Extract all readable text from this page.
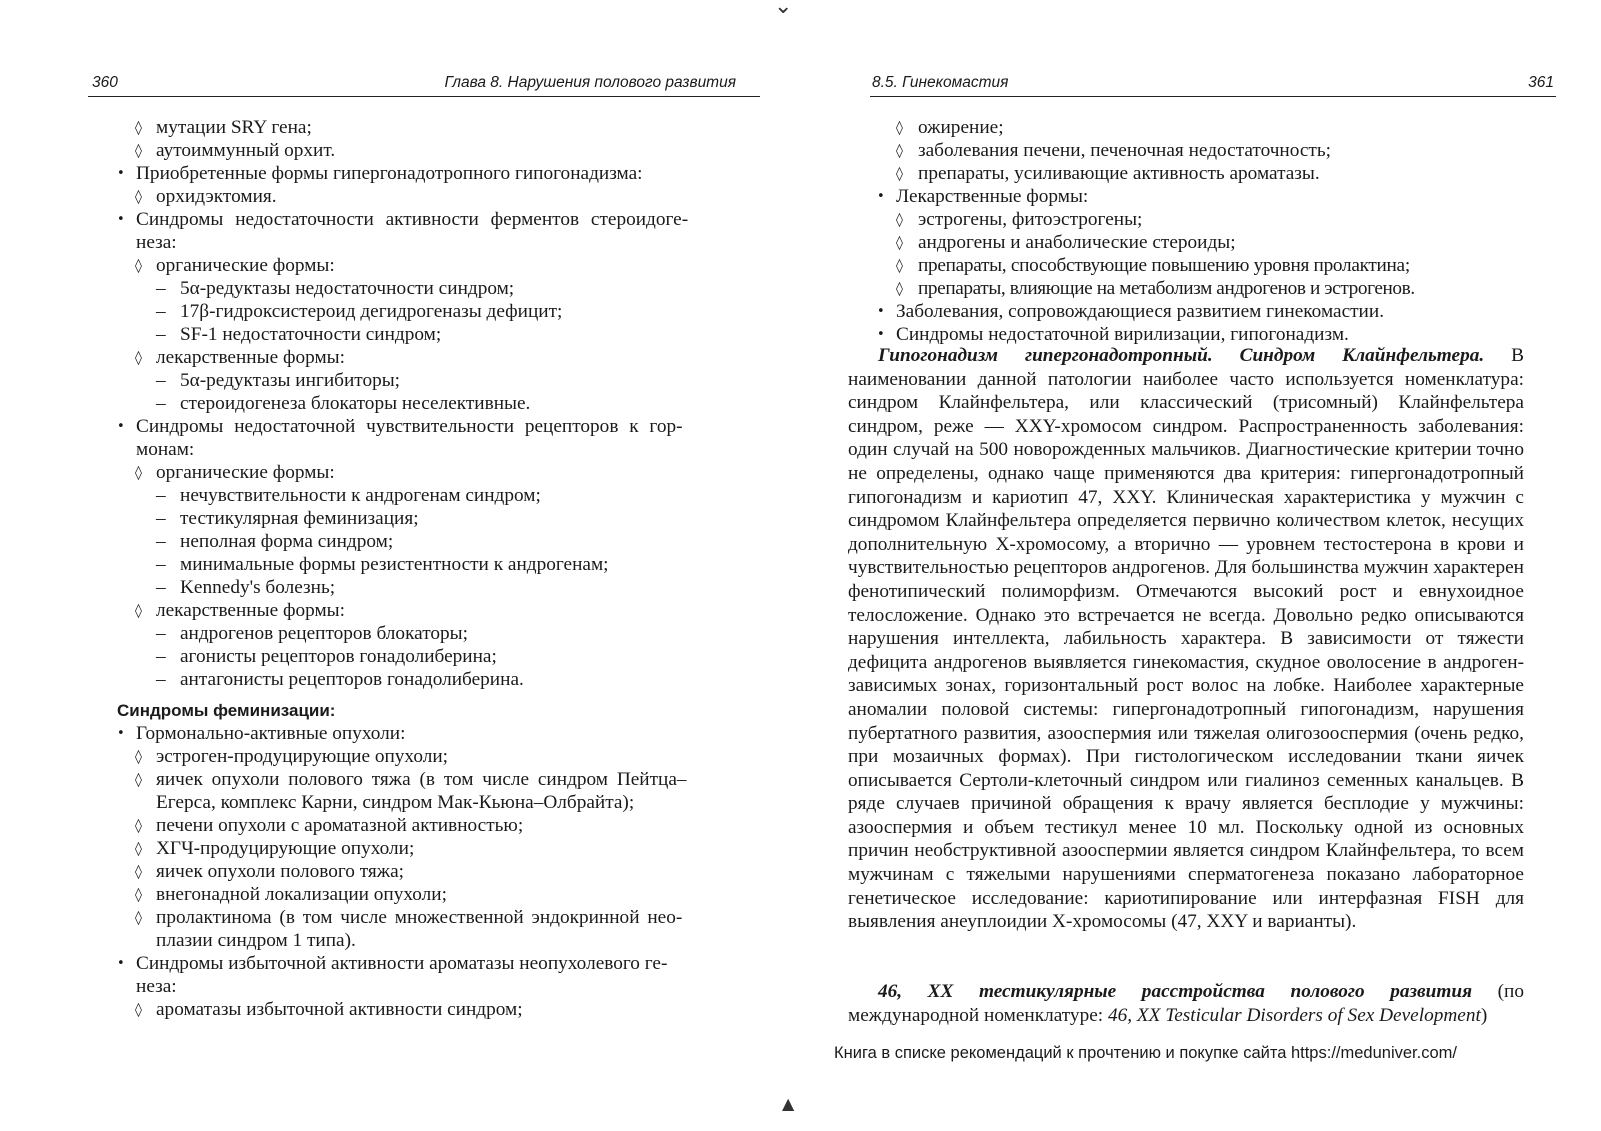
⌄
▲
360	Глава 8. Нарушения полового развития
◊ мутации SRY гена;
◊ аутоиммунный орхит.
• Приобретенные формы гипергонадотропного гипогонадизма:
◊ орхидэктомия.
• Синдромы недостаточности активности ферментов стероидоге-
неза:
◊ органические формы:
– 5α-редуктазы недостаточности синдром;
– 17β-гидроксистероид дегидрогеназы дефицит;
– SF-1 недостаточности синдром;
◊ лекарственные формы:
– 5α-редуктазы ингибиторы;
– стероидогенеза блокаторы неселективные.
• Синдромы недостаточной чувствительности рецепторов к гор-
монам:
◊ органические формы:
– нечувствительности к андрогенам синдром;
– тестикулярная феминизация;
– неполная форма синдром;
– минимальные формы резистентности к андрогенам;
– Kennedy's болезнь;
◊ лекарственные формы:
– андрогенов рецепторов блокаторы;
– агонисты рецепторов гонадолиберина;
– антагонисты рецепторов гонадолиберина.
Синдромы феминизации:
• Гормонально-активные опухоли:
◊ эстроген-продуцирующие опухоли;
◊ яичек опухоли полового тяжа (в том числе синдром Пейтца–
Егерса, комплекс Карни, синдром Мак-Кьюна–Олбрайта);
◊ печени опухоли с ароматазной активностью;
◊ ХГЧ-продуцирующие опухоли;
◊ яичек опухоли полового тяжа;
◊ внегонадной локализации опухоли;
◊ пролактинома (в том числе множественной эндокринной нео-
плазии синдром 1 типа).
• Синдромы избыточной активности ароматазы неопухолевого ге-
неза:
◊ ароматазы избыточной активности синдром;
8.5. Гинекомастия	361
◊ ожирение;
◊ заболевания печени, печеночная недостаточность;
◊ препараты, усиливающие активность ароматазы.
• Лекарственные формы:
◊ эстрогены, фитоэстрогены;
◊ андрогены и анаболические стероиды;
◊ препараты, способствующие повышению уровня пролактина;
◊ препараты, влияющие на метаболизм андрогенов и эстрогенов.
• Заболевания, сопровождающиеся развитием гинекомастии.
• Синдромы недостаточной вирилизации, гипогонадизм.
Гипогонадизм гипергонадотропный. Синдром Клайнфельтера. В наименовании данной патологии наиболее часто используется номенклатура: синдром Клайнфельтера, или классический (трисомный) Клайнфельтера синдром, реже — XXY-хромосом синдром. Распространенность заболевания: один случай на 500 новорожденных мальчиков. Диагностические критерии точно не определены, однако чаще применяются два критерия: гипергонадотропный гипогонадизм и кариотип 47, XXY. Клиническая характеристика у мужчин с синдромом Клайнфельтера определяется первично количеством клеток, несущих дополнительную X-хромосому, а вторично — уровнем тестостерона в крови и чувствительностью рецепторов андрогенов. Для большинства мужчин характерен фенотипический полиморфизм. Отмечаются высокий рост и евнухоидное телосложение. Однако это встречается не всегда. Довольно редко описываются нарушения интеллекта, лабильность характера. В зависимости от тяжести дефицита андрогенов выявляется гинекомастия, скудное оволосение в андроген-зависимых зонах, горизонтальный рост волос на лобке. Наиболее характерные аномалии половой системы: гипергонадотропный гипогонадизм, нарушения пубертатного развития, азооспермия или тяжелая олигозооспермия (очень редко, при мозаичных формах). При гистологическом исследовании ткани яичек описывается Сертоли-клеточный синдром или гиалиноз семенных канальцев. В ряде случаев причиной обращения к врачу является бесплодие у мужчины: азооспермия и объем тестикул менее 10 мл. Поскольку одной из основных причин необструктивной азооспермии является синдром Клайнфельтера, то всем мужчинам с тяжелыми нарушениями сперматогенеза показано лабораторное генетическое исследование: кариотипирование или интерфазная FISH для выявления анеуплоидии X-хромосомы (47, XXY и варианты).
46, XX тестикулярные расстройства полового развития (по международной номенклатуре: 46, XX Testicular Disorders of Sex Development)
Книга в списке рекомендаций к прочтению и покупке сайта https://meduniver.com/
